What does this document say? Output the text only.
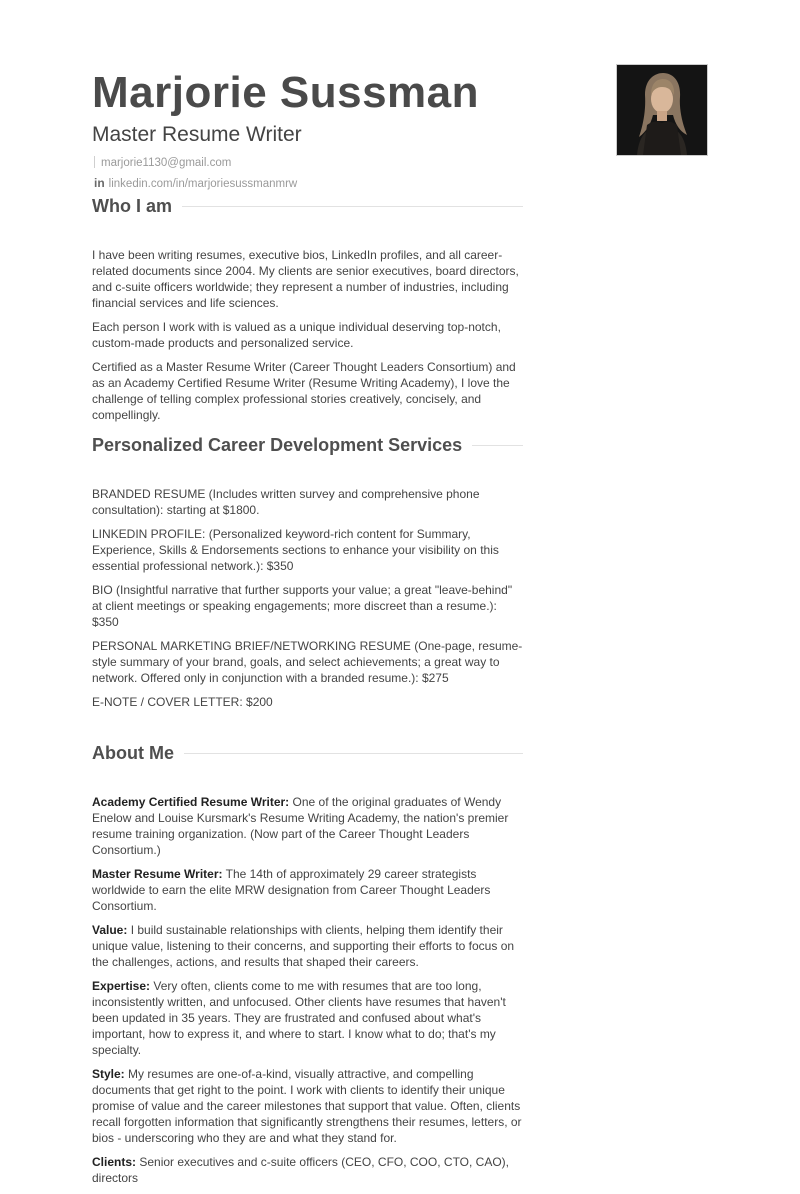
Marjorie Sussman
Master Resume Writer
marjorie1130@gmail.com
in linkedin.com/in/marjoriesussmanmrw
Who I am

I have been writing resumes, executive bios, LinkedIn profiles, and all career-related documents since 2004. My clients are senior executives, board directors, and c-suite officers worldwide; they represent a number of industries, including financial services and life sciences.

Each person I work with is valued as a unique individual deserving top-notch, custom-made products and personalized service.

Certified as a Master Resume Writer (Career Thought Leaders Consortium) and as an Academy Certified Resume Writer (Resume Writing Academy), I love the challenge of telling complex professional stories creatively, concisely, and compellingly.

Personalized Career Development Services

BRANDED RESUME (Includes written survey and comprehensive phone consultation): starting at $1800.

LINKEDIN PROFILE: (Personalized keyword-rich content for Summary, Experience, Skills & Endorsements sections to enhance your visibility on this essential professional network.): $350

BIO (Insightful narrative that further supports your value; a great "leave-behind" at client meetings or speaking engagements; more discreet than a resume.): $350

PERSONAL MARKETING BRIEF/NETWORKING RESUME (One-page, resume-style summary of your brand, goals, and select achievements; a great way to network. Offered only in conjunction with a branded resume.): $275

E-NOTE / COVER LETTER: $200

About Me

Academy Certified Resume Writer: One of the original graduates of Wendy Enelow and Louise Kursmark's Resume Writing Academy, the nation's premier resume training organization. (Now part of the Career Thought Leaders Consortium.)

Master Resume Writer: The 14th of approximately 29 career strategists worldwide to earn the elite MRW designation from Career Thought Leaders Consortium.

Value: I build sustainable relationships with clients, helping them identify their unique value, listening to their concerns, and supporting their efforts to focus on the challenges, actions, and results that shaped their careers.

Expertise: Very often, clients come to me with resumes that are too long, inconsistently written, and unfocused. Other clients have resumes that haven't been updated in 35 years. They are frustrated and confused about what's important, how to express it, and where to start. I know what to do; that's my specialty.

Style: My resumes are one-of-a-kind, visually attractive, and compelling documents that get right to the point. I work with clients to identify their unique promise of value and the career milestones that support that value. Often, clients recall forgotten information that significantly strengthens their resumes, letters, or bios - underscoring who they are and what they stand for.

Clients: Senior executives and c-suite officers (CEO, CFO, COO, CTO, CAO), directors
